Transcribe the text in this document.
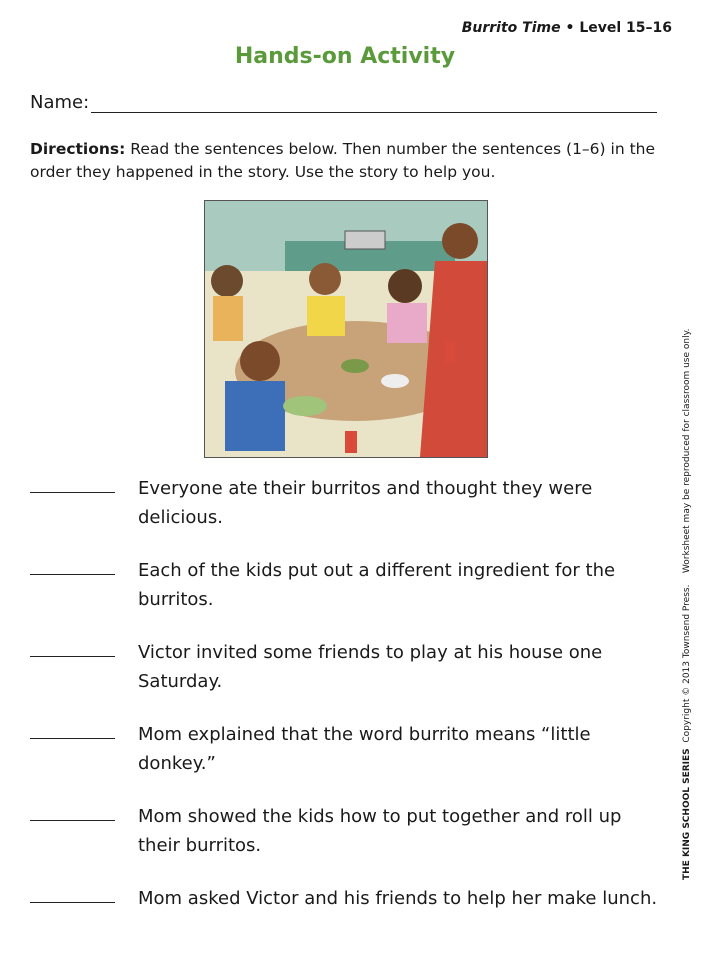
Burrito Time • Level 15–16
Hands-on Activity
Name:
Directions: Read the sentences below. Then number the sentences (1–6) in the order they happened in the story. Use the story to help you.
Everyone ate their burritos and thought they were delicious.
Each of the kids put out a different ingredient for the burritos.
Victor invited some friends to play at his house one Saturday.
Mom explained that the word burrito means “little donkey.”
Mom showed the kids how to put together and roll up their burritos.
Mom asked Victor and his friends to help her make lunch.
THE KING SCHOOL SERIES  Copyright © 2013 Townsend Press.    Worksheet may be reproduced for classroom use only.
